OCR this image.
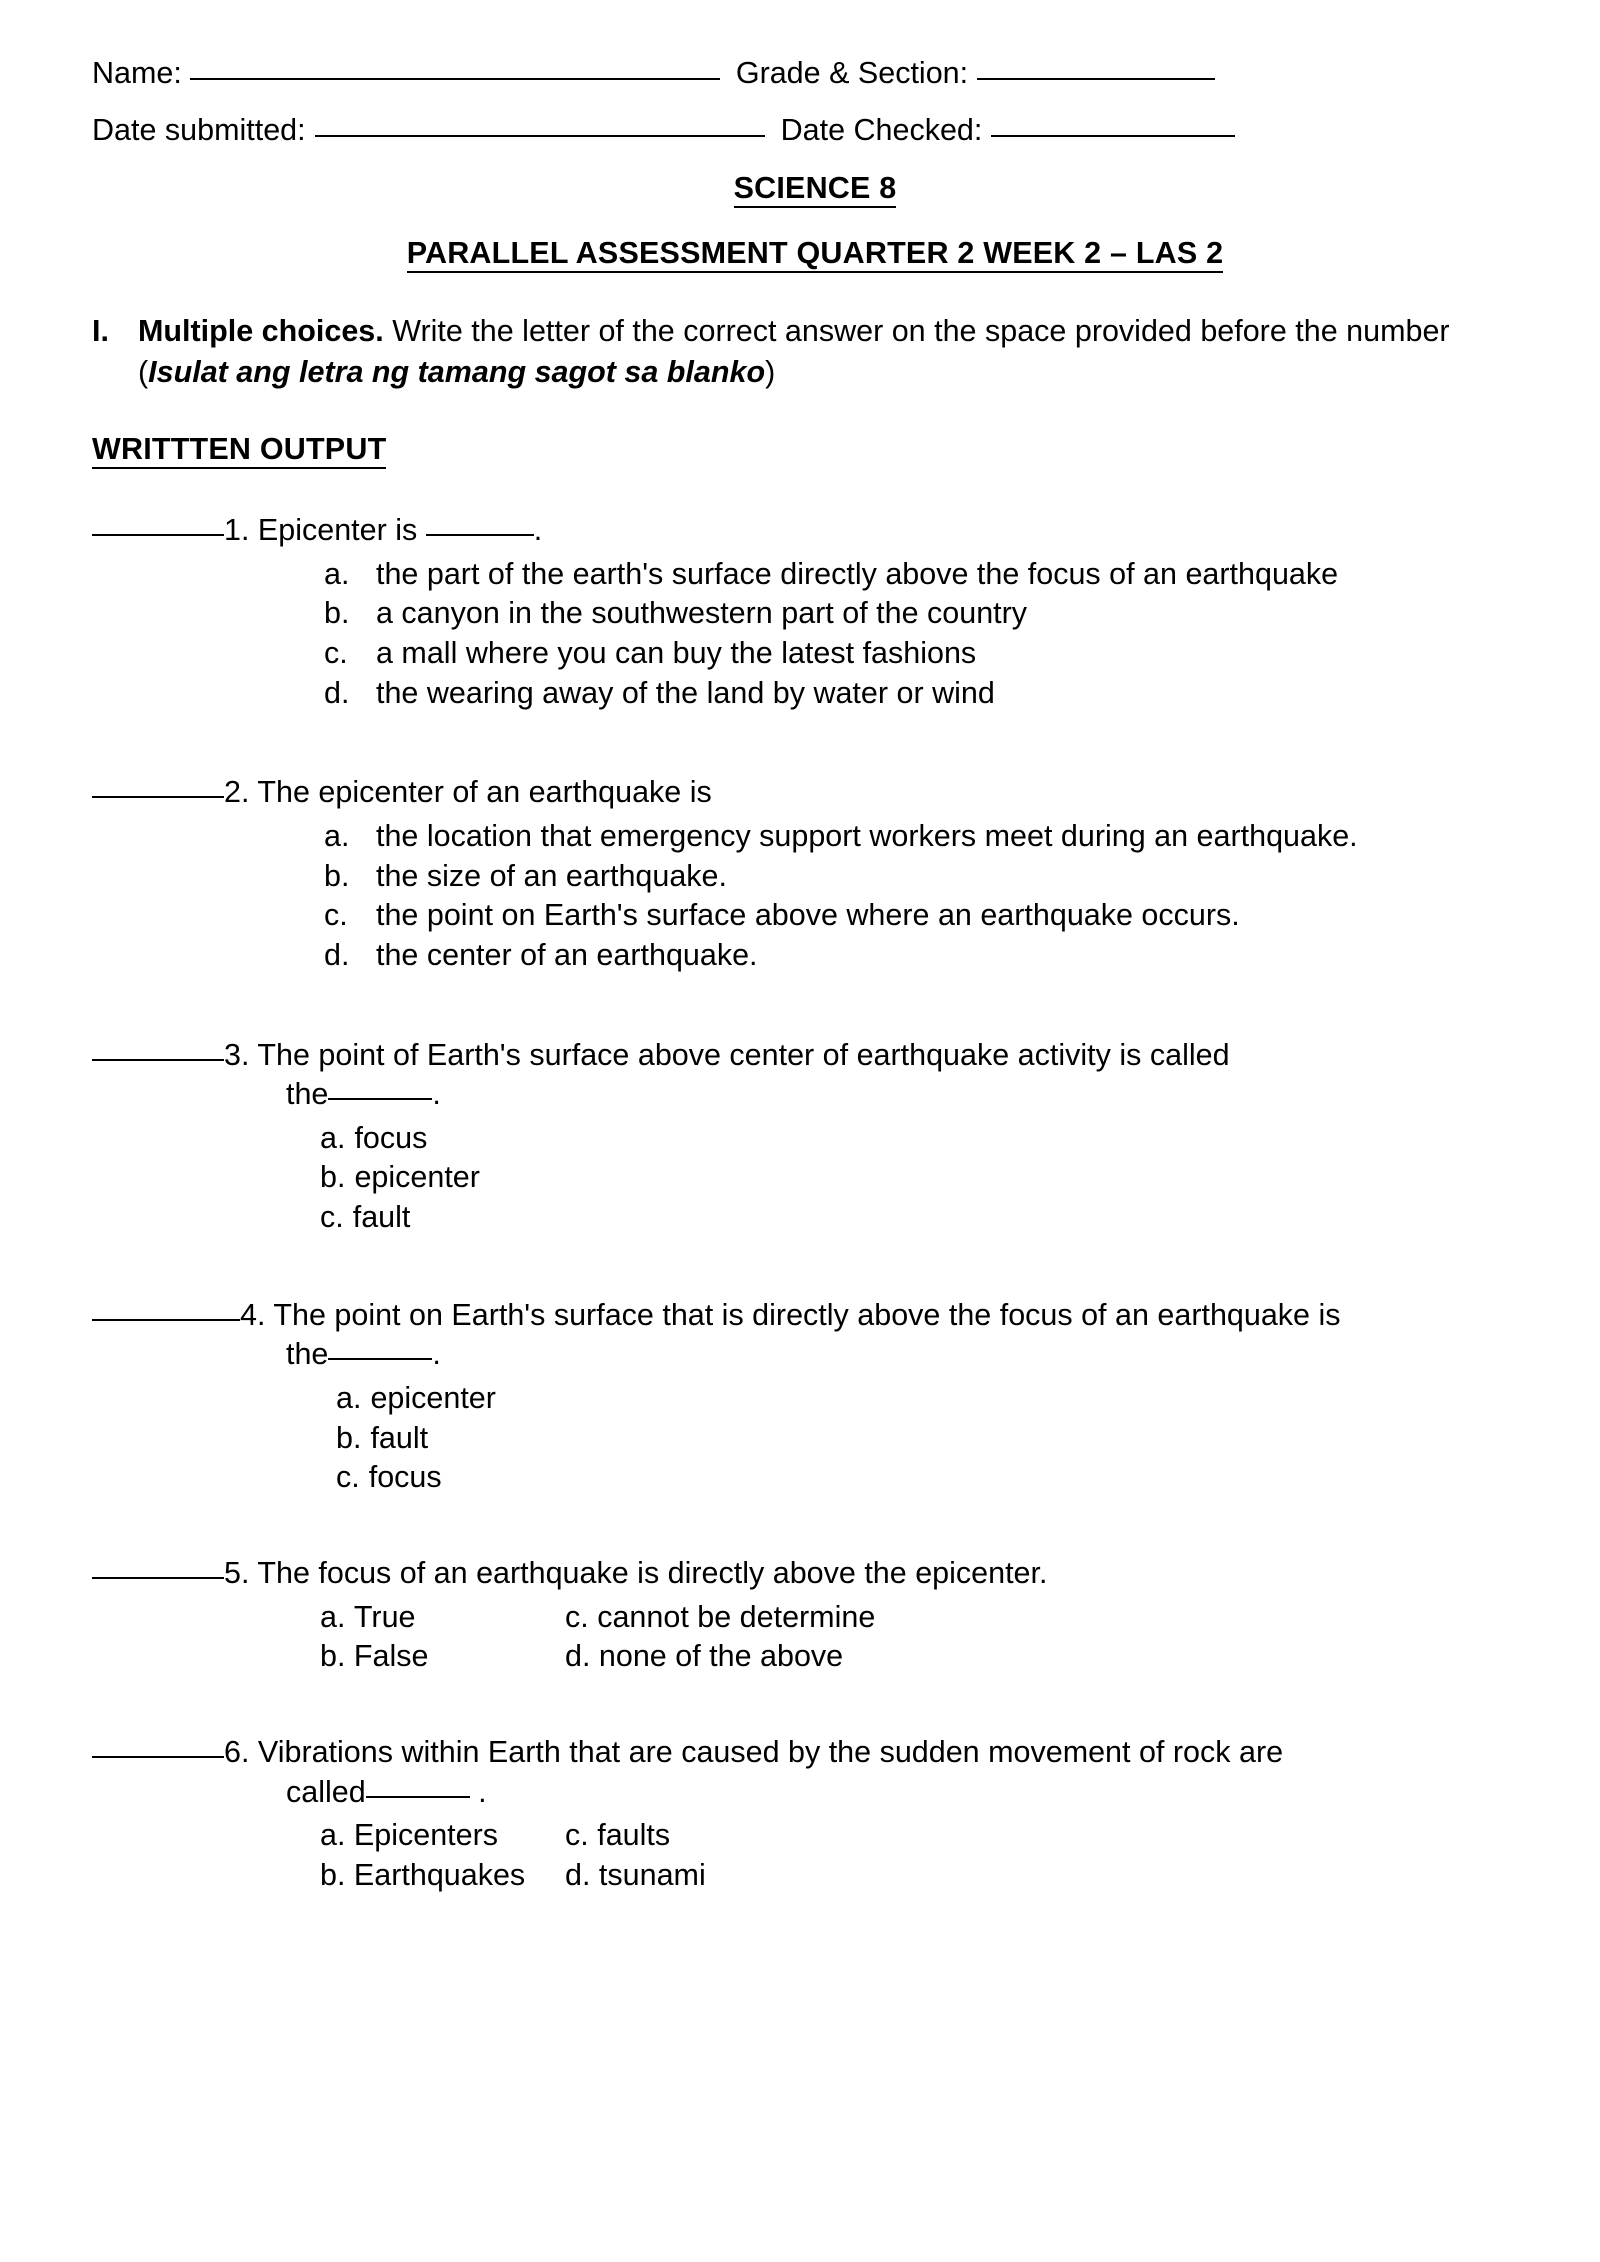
Name:	Grade & Section:
Date submitted:	Date Checked:
SCIENCE 8
PARALLEL ASSESSMENT QUARTER 2 WEEK 2 – LAS 2
I. Multiple choices. Write the letter of the correct answer on the space provided before the number (Isulat ang letra ng tamang sagot sa blanko)
WRITTTEN OUTPUT
1. Epicenter is	.
a. the part of the earth's surface directly above the focus of an earthquake
b. a canyon in the southwestern part of the country
c. a mall where you can buy the latest fashions
d. the wearing away of the land by water or wind
2. The epicenter of an earthquake is
a. the location that emergency support workers meet during an earthquake.
b. the size of an earthquake.
c. the point on Earth's surface above where an earthquake occurs.
d. the center of an earthquake.
3. The point of Earth's surface above center of earthquake activity is called
the	.
a. focus
b. epicenter
c. fault
4. The point on Earth's surface that is directly above the focus of an earthquake is
the	.
a. epicenter
b. fault
c. focus
5. The focus of an earthquake is directly above the epicenter.
a. True	c. cannot be determine
b. False	d. none of the above
6. Vibrations within Earth that are caused by the sudden movement of rock are
called	.
a. Epicenters	c. faults
b. Earthquakes	d. tsunami
